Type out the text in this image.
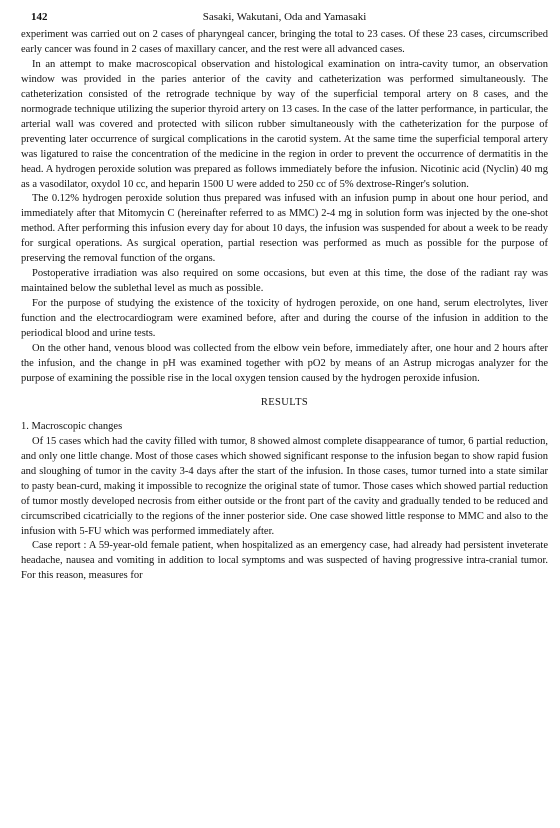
142	Sasaki, Wakutani, Oda and Yamasaki

experiment was carried out on 2 cases of pharyngeal cancer, bringing the total to 23 cases. Of these 23 cases, circumscribed early cancer was found in 2 cases of maxillary cancer, and the rest were all advanced cases.

In an attempt to make macroscopical observation and histological examination on intra-cavity tumor, an observation window was provided in the paries anterior of the cavity and catheterization was performed simultaneously. The catheterization consisted of the retrograde technique by way of the superficial temporal artery on 8 cases, and the normograde technique utilizing the superior thyroid artery on 13 cases. In the case of the latter performance, in particular, the arterial wall was covered and protected with silicon rubber simultaneously with the catheterization for the purpose of preventing later occurrence of surgical complications in the carotid system. At the same time the superficial temporal artery was ligatured to raise the concentration of the medicine in the region in order to prevent the occurrence of dermatitis in the head. A hydrogen peroxide solution was prepared as follows immediately before the infusion. Nicotinic acid (Nyclin) 40 mg as a vasodilator, oxydol 10 cc, and heparin 1500 U were added to 250 cc of 5% dextrose-Ringer's solution.

The 0.12% hydrogen peroxide solution thus prepared was infused with an infusion pump in about one hour period, and immediately after that Mitomycin C (hereinafter referred to as MMC) 2-4 mg in solution form was injected by the one-shot method. After performing this infusion every day for about 10 days, the infusion was suspended for about a week to be ready for surgical operations. As surgical operation, partial resection was performed as much as possible for the purpose of preserving the removal function of the organs.

Postoperative irradiation was also required on some occasions, but even at this time, the dose of the radiant ray was maintained below the sublethal level as much as possible.

For the purpose of studying the existence of the toxicity of hydrogen peroxide, on one hand, serum electrolytes, liver function and the electrocardiogram were examined before, after and during the course of the infusion in addition to the periodical blood and urine tests.

On the other hand, venous blood was collected from the elbow vein before, immediately after, one hour and 2 hours after the infusion, and the change in pH was examined together with pO2 by means of an Astrup microgas analyzer for the purpose of examining the possible rise in the local oxygen tension caused by the hydrogen peroxide infusion.

RESULTS

1. Macroscopic changes

Of 15 cases which had the cavity filled with tumor, 8 showed almost complete disappearance of tumor, 6 partial reduction, and only one little change. Most of those cases which showed significant response to the infusion began to show rapid fusion and sloughing of tumor in the cavity 3-4 days after the start of the infusion. In those cases, tumor turned into a state similar to pasty bean-curd, making it impossible to recognize the original state of tumor. Those cases which showed partial reduction of tumor mostly developed necrosis from either outside or the front part of the cavity and gradually tended to be reduced and circumscribed cicatricially to the regions of the inner posterior side. One case showed little response to MMC and also to the infusion with 5-FU which was performed immediately after.

Case report : A 59-year-old female patient, when hospitalized as an emergency case, had already had persistent inveterate headache, nausea and vomiting in addition to local symptoms and was suspected of having progressive intra-cranial tumor. For this reason, measures for
